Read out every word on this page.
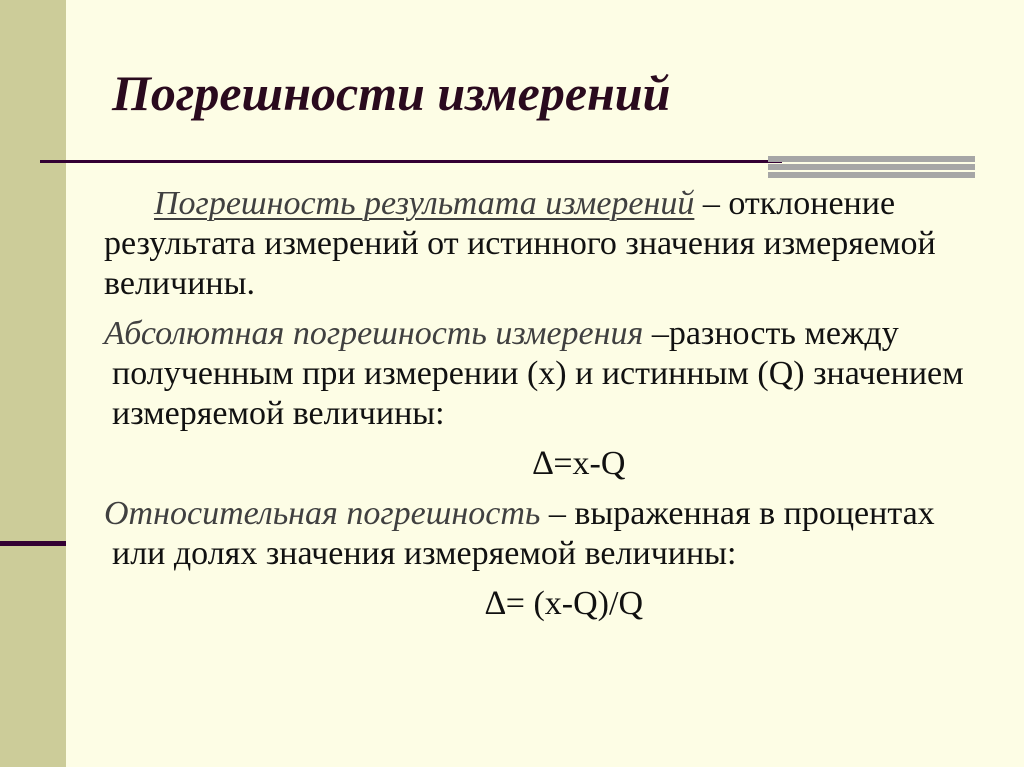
Погрешности измерений

Погрешность результата измерений – отклонение результата измерений от истинного значения измеряемой величины.

Абсолютная погрешность измерения –разность между полученным при измерении (x) и истинным (Q) значением измеряемой величины:

∆=x-Q

Относительная погрешность – выраженная в процентах или долях значения измеряемой величины:

∆= (x-Q)/Q
